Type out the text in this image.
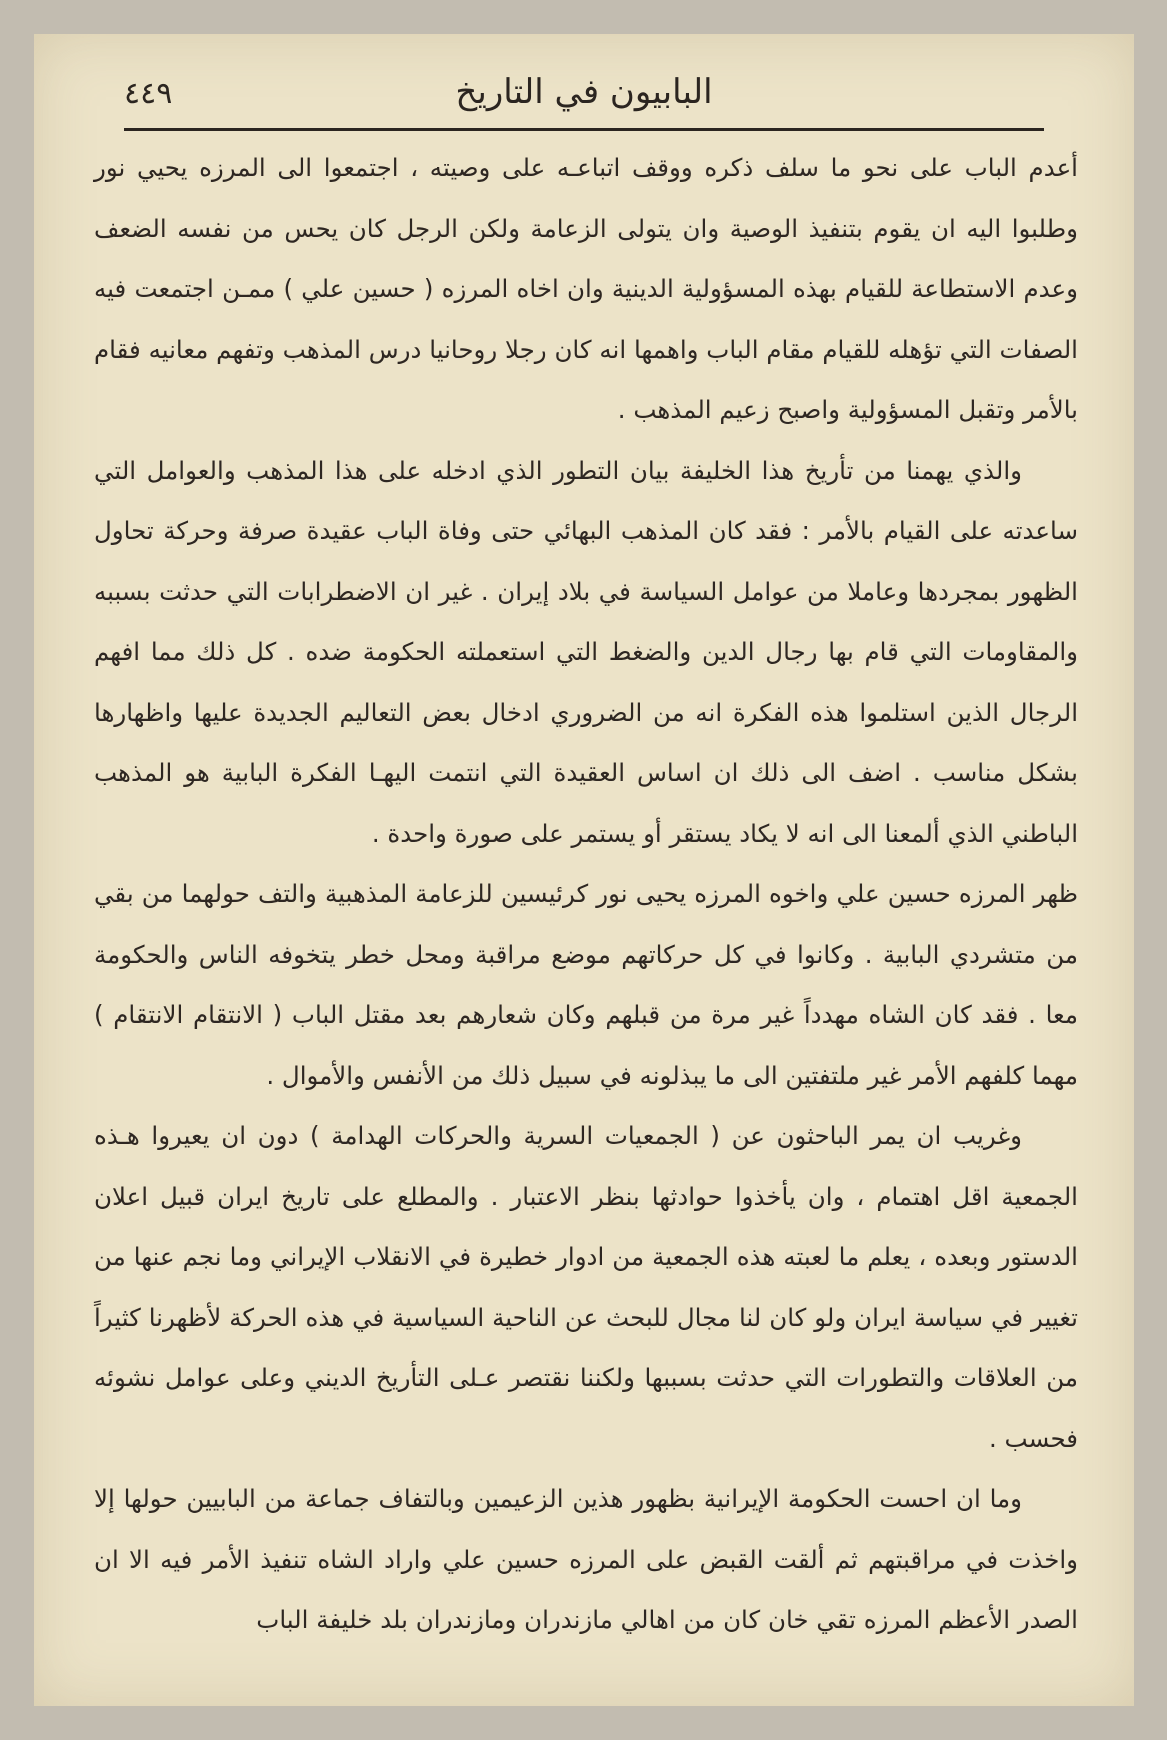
البابيون في التاريخ
٤٤٩

أعدم الباب على نحو ما سلف ذكره ووقف اتباعـه على وصيته ، اجتمعوا الى المرزه يحيي نور وطلبوا اليه ان يقوم بتنفيذ الوصية وان يتولى الزعامة ولكن الرجل كان يحس من نفسه الضعف وعدم الاستطاعة للقيام بهذه المسؤولية الدينية وان اخاه المرزه ( حسين علي ) ممـن اجتمعت فيه الصفات التي تؤهله للقيام مقام الباب واهمها انه كان رجلا روحانيا درس المذهب وتفهم معانيه فقام بالأمر وتقبل المسؤولية واصبح زعيم المذهب .

والذي يهمنا من تأريخ هذا الخليفة بيان التطور الذي ادخله على هذا المذهب والعوامل التي ساعدته على القيام بالأمر : فقد كان المذهب البهائي حتى وفاة الباب عقيدة صرفة وحركة تحاول الظهور بمجردها وعاملا من عوامل السياسة في بلاد إيران . غير ان الاضطرابات التي حدثت بسببه والمقاومات التي قام بها رجال الدين والضغط التي استعملته الحكومة ضده . كل ذلك مما افهم الرجال الذين استلموا هذه الفكرة انه من الضروري ادخال بعض التعاليم الجديدة عليها واظهارها بشكل مناسب . اضف الى ذلك ان اساس العقيدة التي انتمت اليهـا الفكرة البابية هو المذهب الباطني الذي ألمعنا الى انه لا يكاد يستقر أو يستمر على صورة واحدة .

ظهر المرزه حسين علي واخوه المرزه يحيى نور كرئيسين للزعامة المذهبية والتف حولهما من بقي من متشردي البابية . وكانوا في كل حركاتهم موضع مراقبة ومحل خطر يتخوفه الناس والحكومة معا . فقد كان الشاه مهدداً غير مرة من قبلهم وكان شعارهم بعد مقتل الباب ( الانتقام الانتقام ) مهما كلفهم الأمر غير ملتفتين الى ما يبذلونه في سبيل ذلك من الأنفس والأموال .

وغريب ان يمر الباحثون عن ( الجمعيات السرية والحركات الهدامة ) دون ان يعيروا هـذه الجمعية اقل اهتمام ، وان يأخذوا حوادثها بنظر الاعتبار . والمطلع على تاريخ ايران قبيل اعلان الدستور وبعده ، يعلم ما لعبته هذه الجمعية من ادوار خطيرة في الانقلاب الإيراني وما نجم عنها من تغيير في سياسة ايران ولو كان لنا مجال للبحث عن الناحية السياسية في هذه الحركة لأظهرنا كثيراً من العلاقات والتطورات التي حدثت بسببها ولكننا نقتصر عـلى التأريخ الديني وعلى عوامل نشوئه فحسب .

وما ان احست الحكومة الإيرانية بظهور هذين الزعيمين وبالتفاف جماعة من البابيين حولها إلا واخذت في مراقبتهم ثم ألقت القبض على المرزه حسين علي واراد الشاه تنفيذ الأمر فيه الا ان الصدر الأعظم المرزه تقي خان كان من اهالي مازندران ومازندران بلد خليفة الباب
